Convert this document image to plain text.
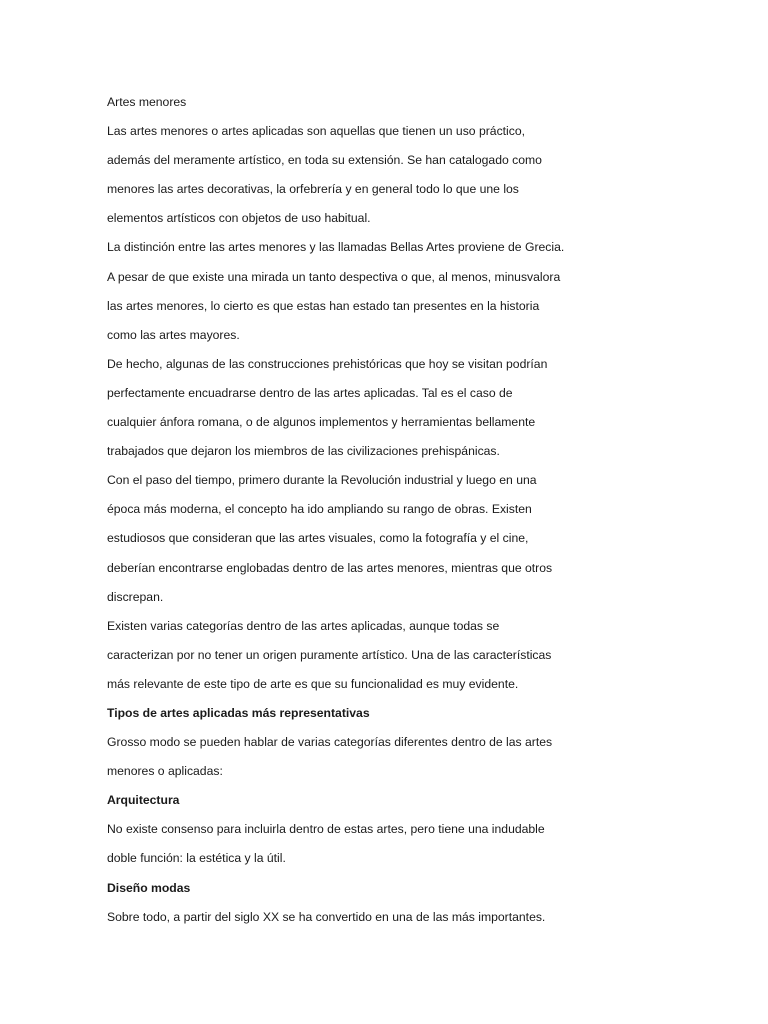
Artes menores
Las artes menores o artes aplicadas son aquellas que tienen un uso práctico,
además del meramente artístico, en toda su extensión. Se han catalogado como
menores las artes decorativas, la orfebrería y en general todo lo que une los
elementos artísticos con objetos de uso habitual.
La distinción entre las artes menores y las llamadas Bellas Artes proviene de Grecia.
A pesar de que existe una mirada un tanto despectiva o que, al menos, minusvalora
las artes menores, lo cierto es que estas han estado tan presentes en la historia
como las artes mayores.
De hecho, algunas de las construcciones prehistóricas que hoy se visitan podrían
perfectamente encuadrarse dentro de las artes aplicadas. Tal es el caso de
cualquier ánfora romana, o de algunos implementos y herramientas bellamente
trabajados que dejaron los miembros de las civilizaciones prehispánicas.
Con el paso del tiempo, primero durante la Revolución industrial y luego en una
época más moderna, el concepto ha ido ampliando su rango de obras. Existen
estudiosos que consideran que las artes visuales, como la fotografía y el cine,
deberían encontrarse englobadas dentro de las artes menores, mientras que otros
discrepan.
Existen varias categorías dentro de las artes aplicadas, aunque todas se
caracterizan por no tener un origen puramente artístico. Una de las características
más relevante de este tipo de arte es que su funcionalidad es muy evidente.
Tipos de artes aplicadas más representativas
Grosso modo se pueden hablar de varias categorías diferentes dentro de las artes
menores o aplicadas:
Arquitectura
No existe consenso para incluirla dentro de estas artes, pero tiene una indudable
doble función: la estética y la útil.
Diseño modas
Sobre todo, a partir del siglo XX se ha convertido en una de las más importantes.
